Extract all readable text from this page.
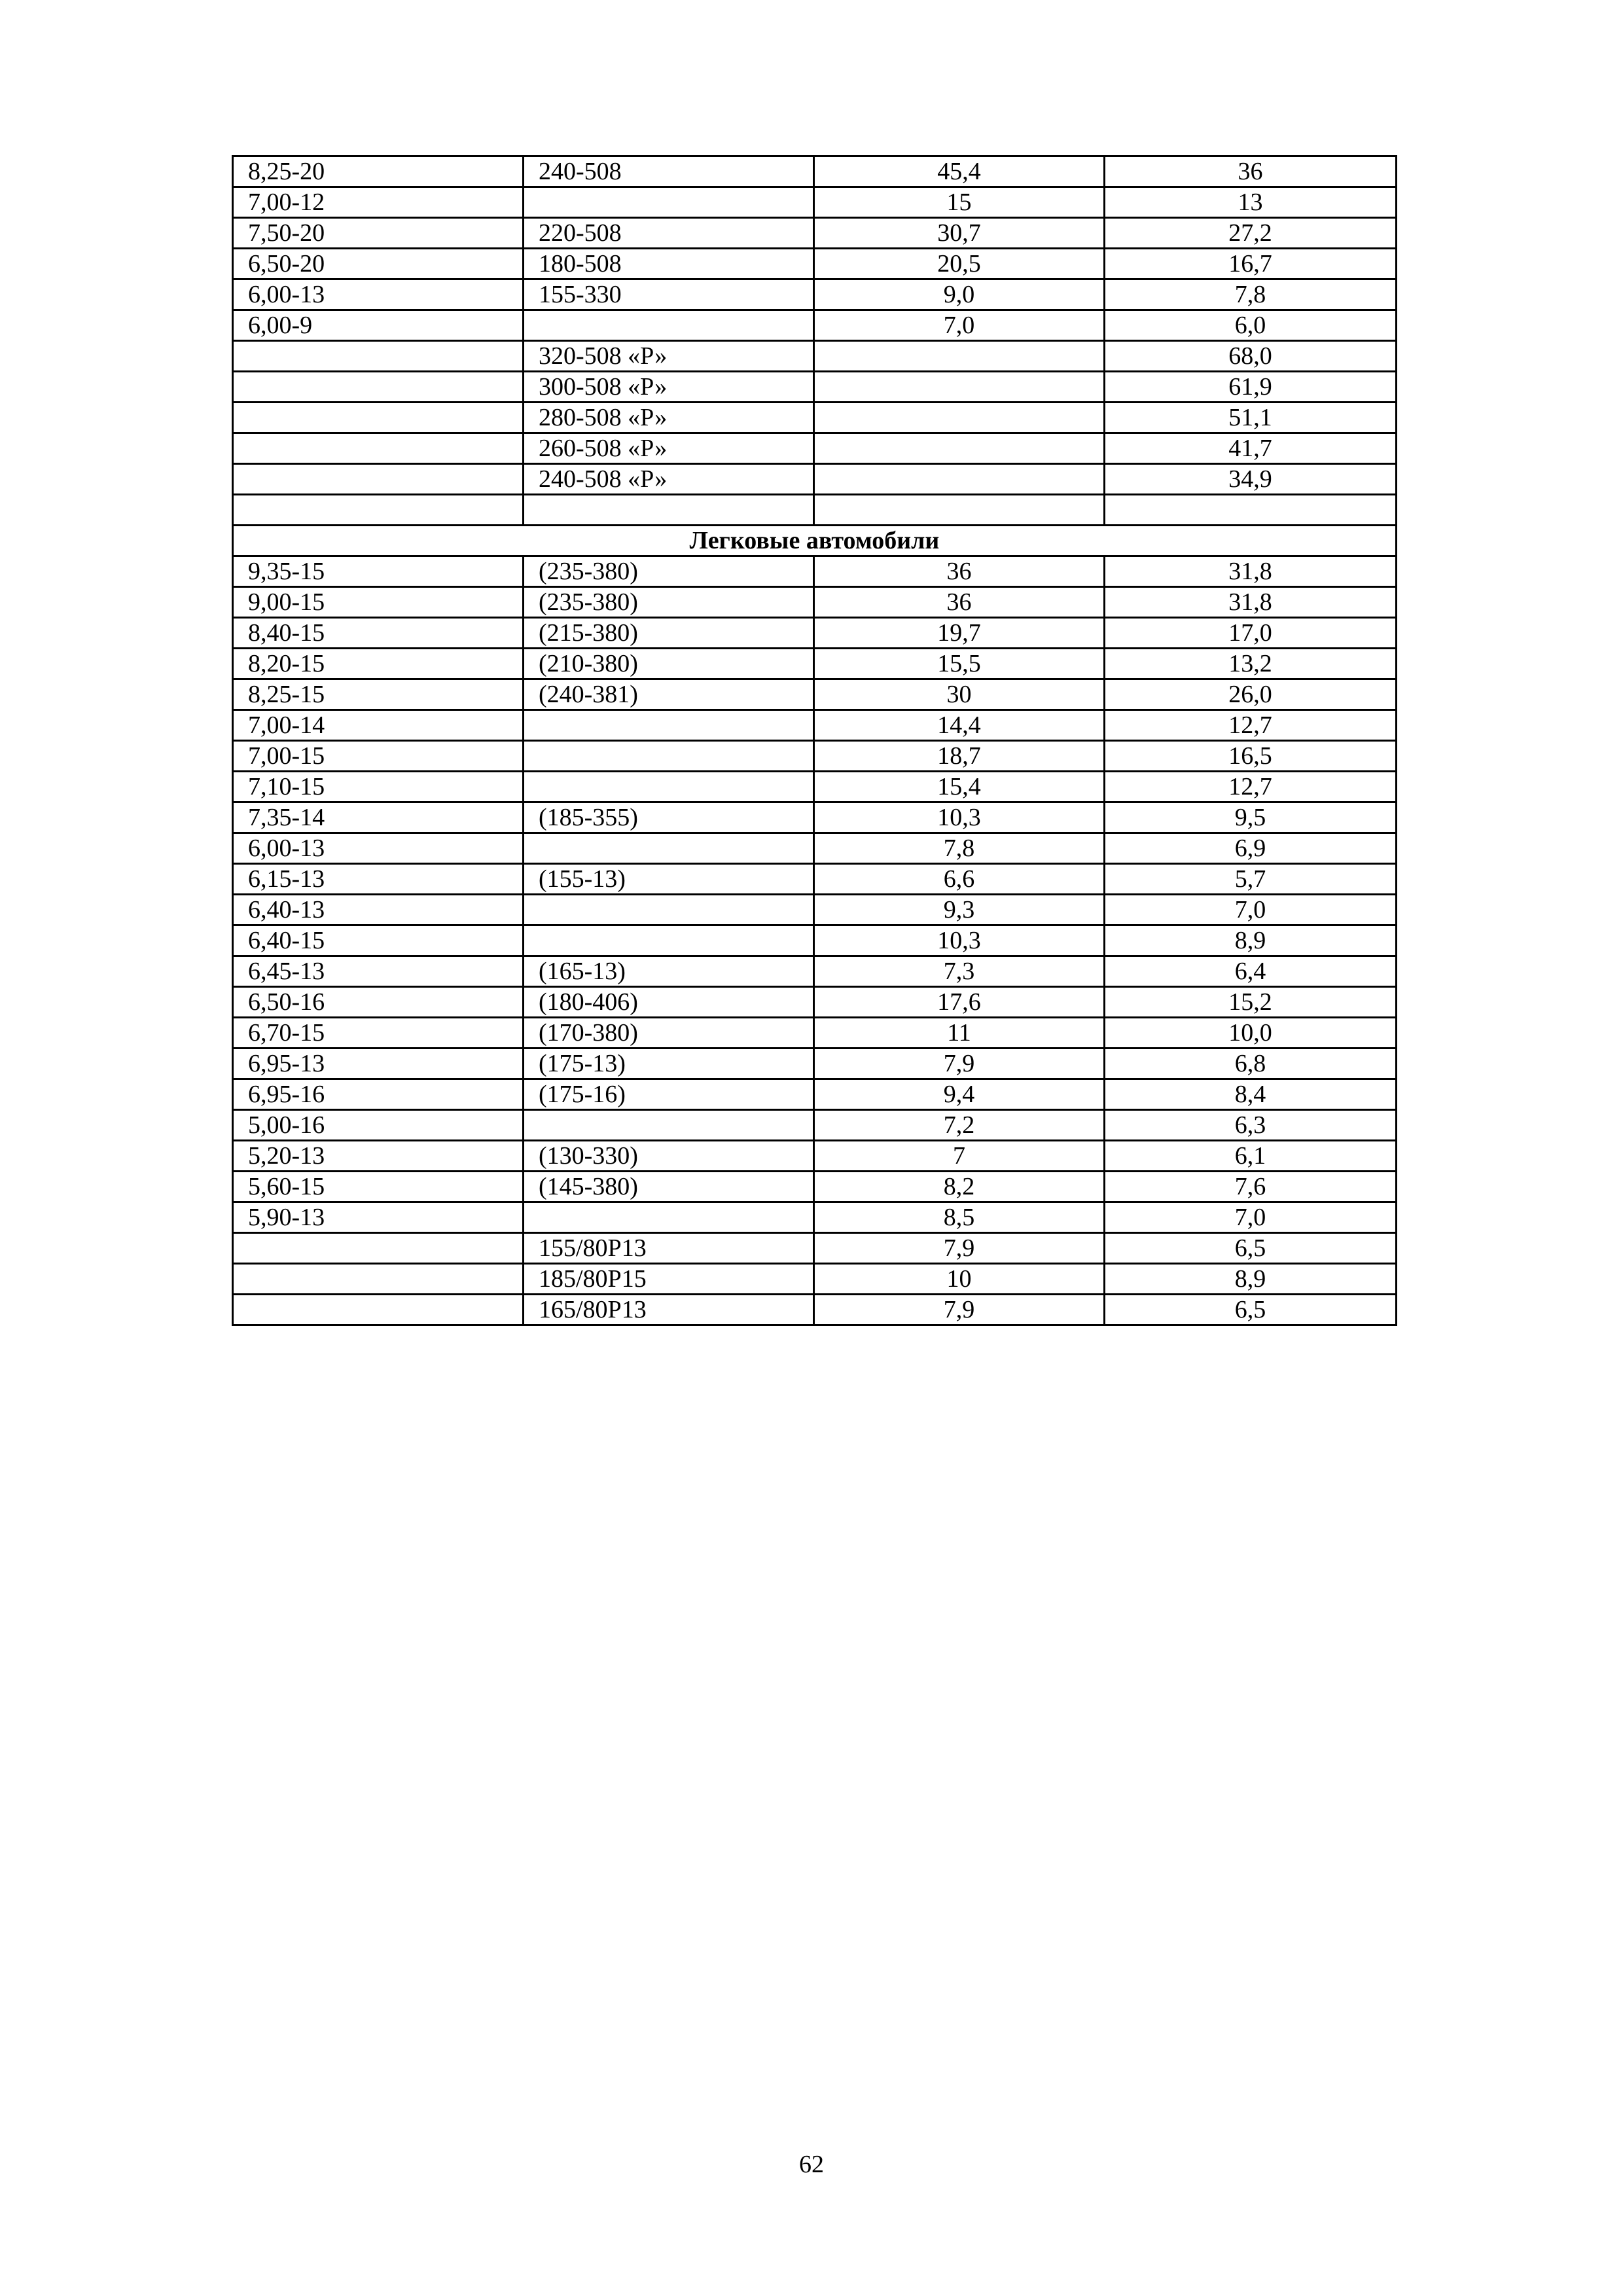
8,25-20	240-508	45,4	36
7,00-12		15	13
7,50-20	220-508	30,7	27,2
6,50-20	180-508	20,5	16,7
6,00-13	155-330	9,0	7,8
6,00-9		7,0	6,0
	320-508 «Р»		68,0
	300-508 «Р»		61,9
	280-508 «Р»		51,1
	260-508 «Р»		41,7
	240-508 «Р»		34,9

Легковые автомобили			
9,35-15	(235-380)	36	31,8
9,00-15	(235-380)	36	31,8
8,40-15	(215-380)	19,7	17,0
8,20-15	(210-380)	15,5	13,2
8,25-15	(240-381)	30	26,0
7,00-14		14,4	12,7
7,00-15		18,7	16,5
7,10-15		15,4	12,7
7,35-14	(185-355)	10,3	9,5
6,00-13		7,8	6,9
6,15-13	(155-13)	6,6	5,7
6,40-13		9,3	7,0
6,40-15		10,3	8,9
6,45-13	(165-13)	7,3	6,4
6,50-16	(180-406)	17,6	15,2
6,70-15	(170-380)	11	10,0
6,95-13	(175-13)	7,9	6,8
6,95-16	(175-16)	9,4	8,4
5,00-16		7,2	6,3
5,20-13	(130-330)	7	6,1
5,60-15	(145-380)	8,2	7,6
5,90-13		8,5	7,0
	155/80Р13	7,9	6,5
	185/80Р15	10	8,9
	165/80Р13	7,9	6,5
62
